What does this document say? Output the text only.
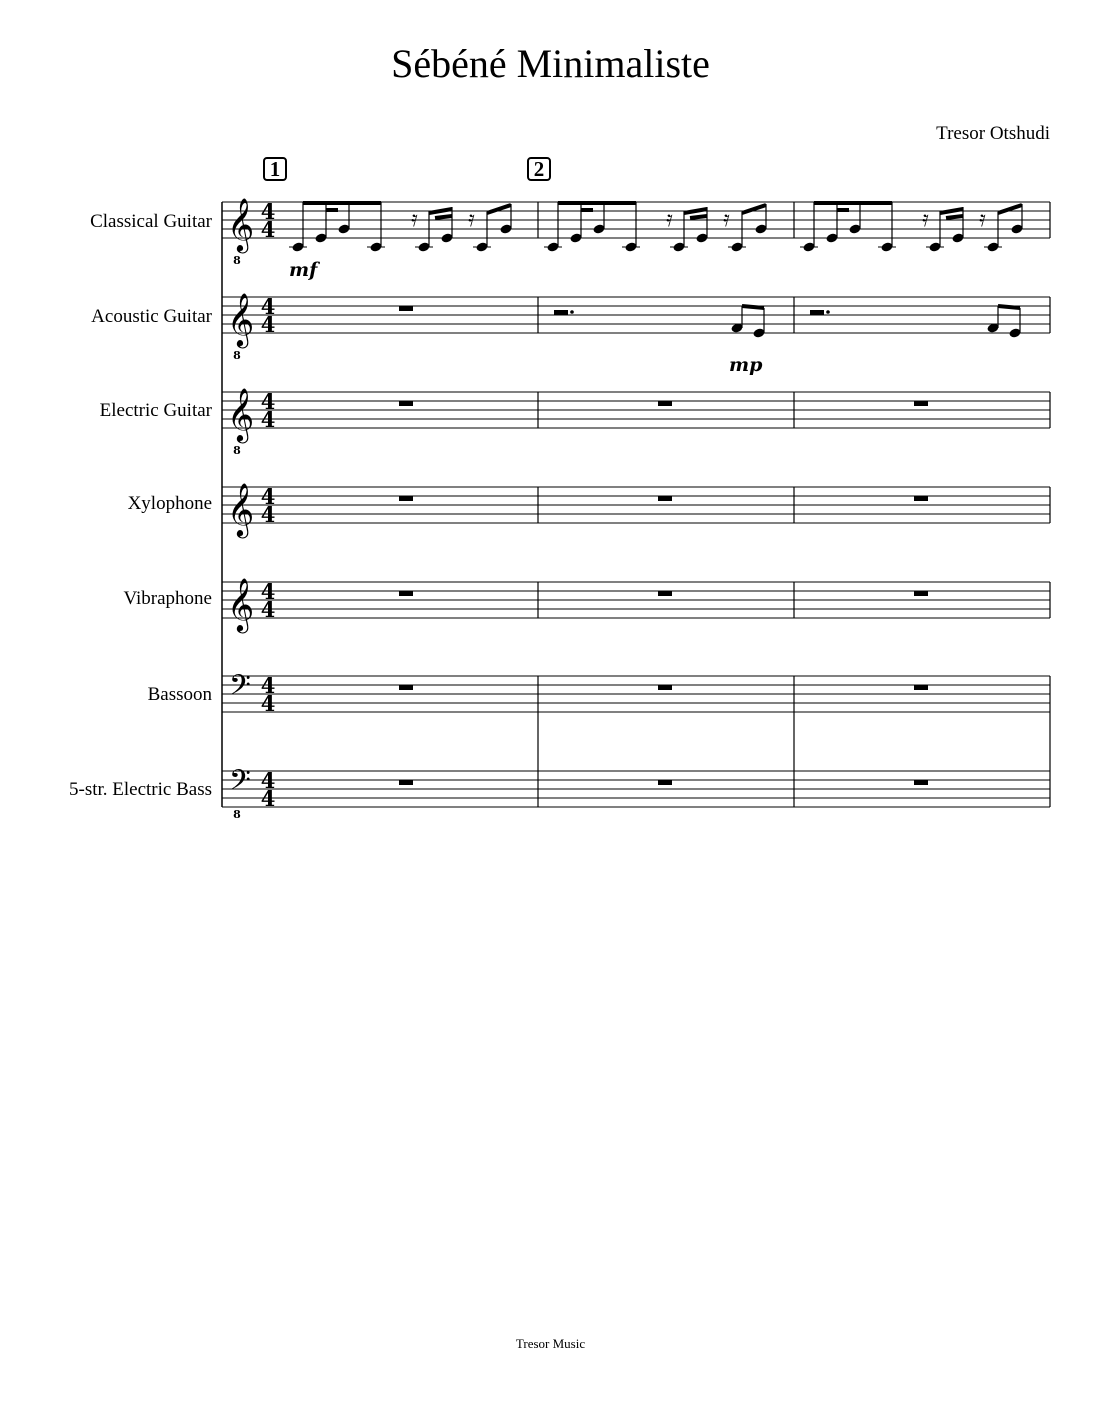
Sébéné Minimaliste
Tresor Otshudi
Classical Guitar
Acoustic Guitar
Electric Guitar
Xylophone
Vibraphone
Bassoon
5-str. Electric Bass
1	2
𝄞
8
4
4
𝄞
8
4
4
𝄞
8
4
4
𝄞 4
4
𝄞 4
4
𝄢 4
4
𝄢
8
4
4
𝄿 𝄿	𝄿 𝄿	𝄿 𝄿
mf
mp
Tresor Music
